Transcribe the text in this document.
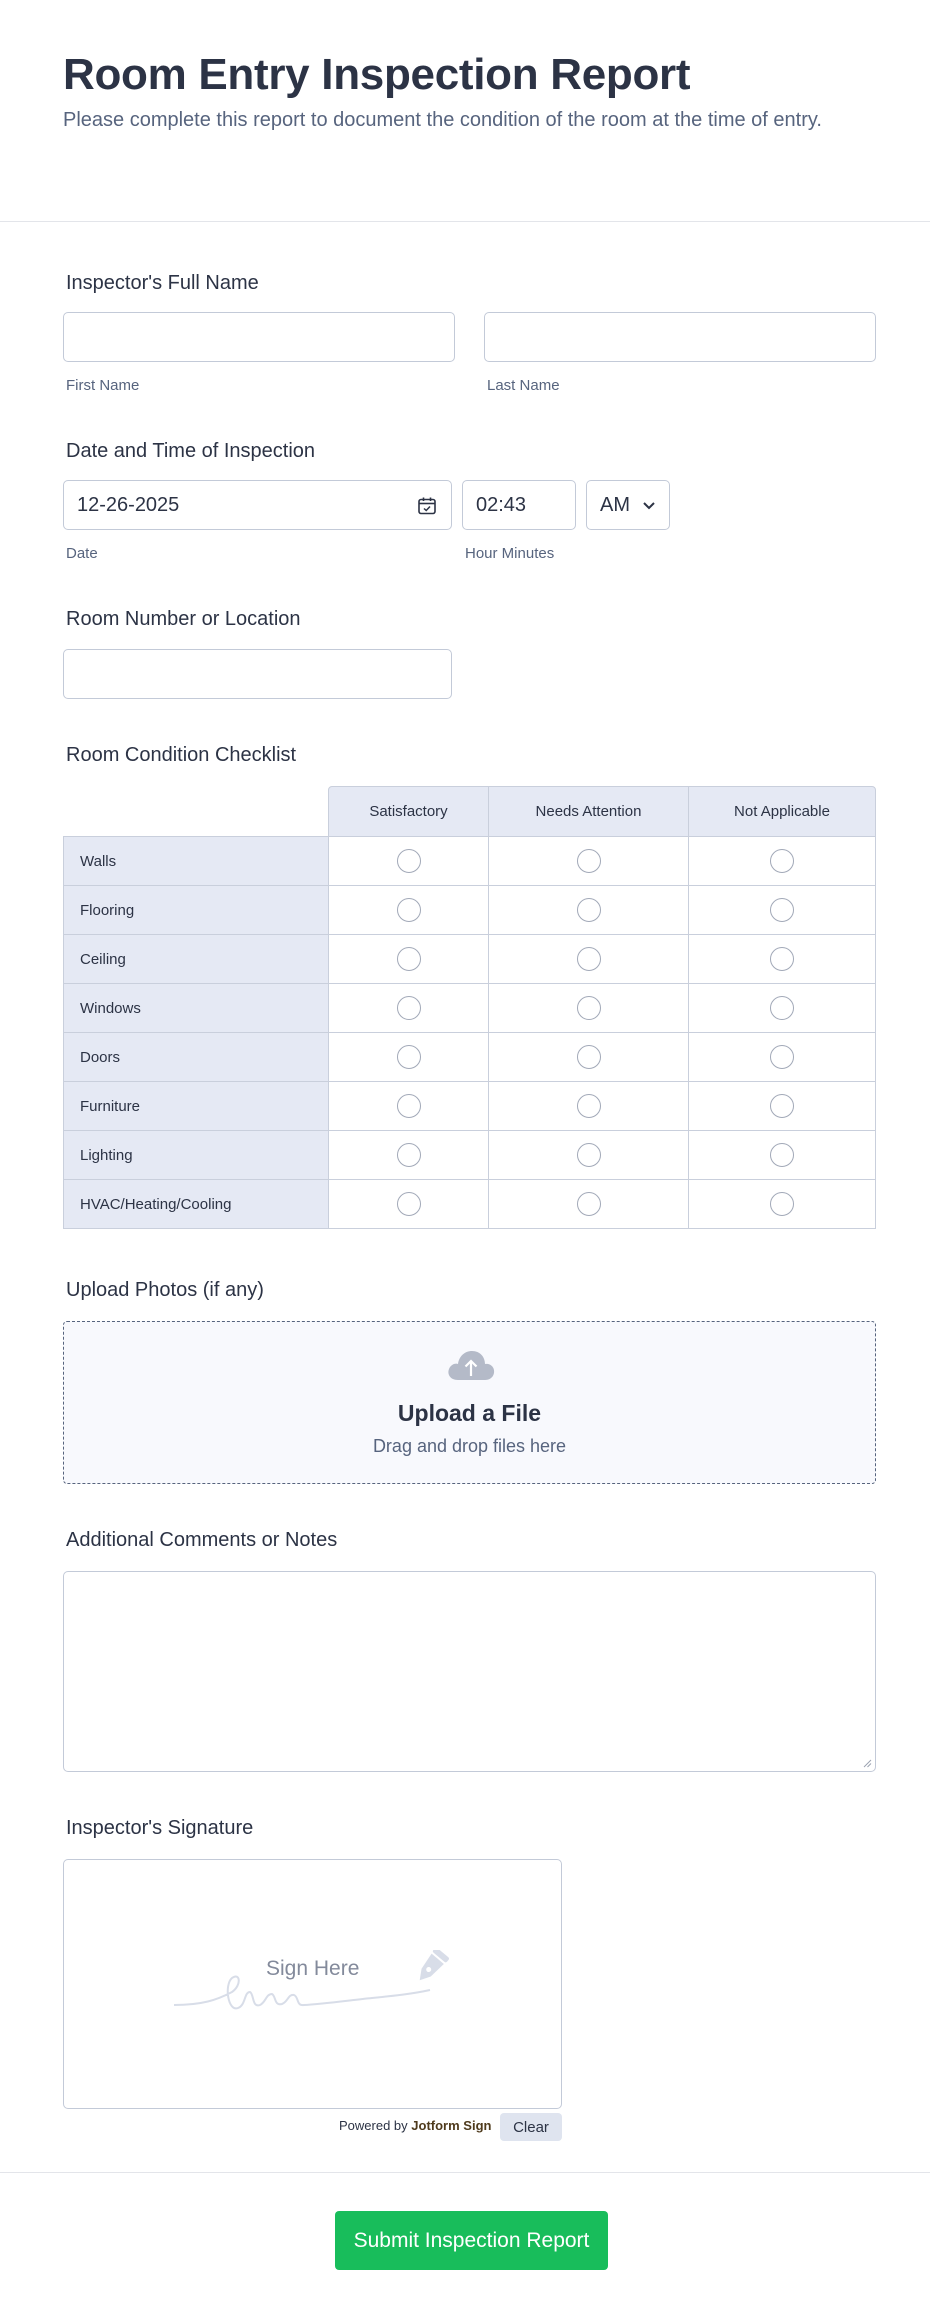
Room Entry Inspection Report
Please complete this report to document the condition of the room at the time of entry.
Inspector's Full Name
First Name	Last Name
Date and Time of Inspection
12-26-2025	02:43	AM
Date	Hour Minutes
Room Number or Location
Room Condition Checklist
Satisfactory	Needs Attention	Not Applicable
Walls
Flooring
Ceiling
Windows
Doors
Furniture
Lighting
HVAC/Heating/Cooling
Upload Photos (if any)
Upload a File
Drag and drop files here
Additional Comments or Notes
Inspector's Signature
Sign Here
Powered by Jotform Sign	Clear
Submit Inspection Report
